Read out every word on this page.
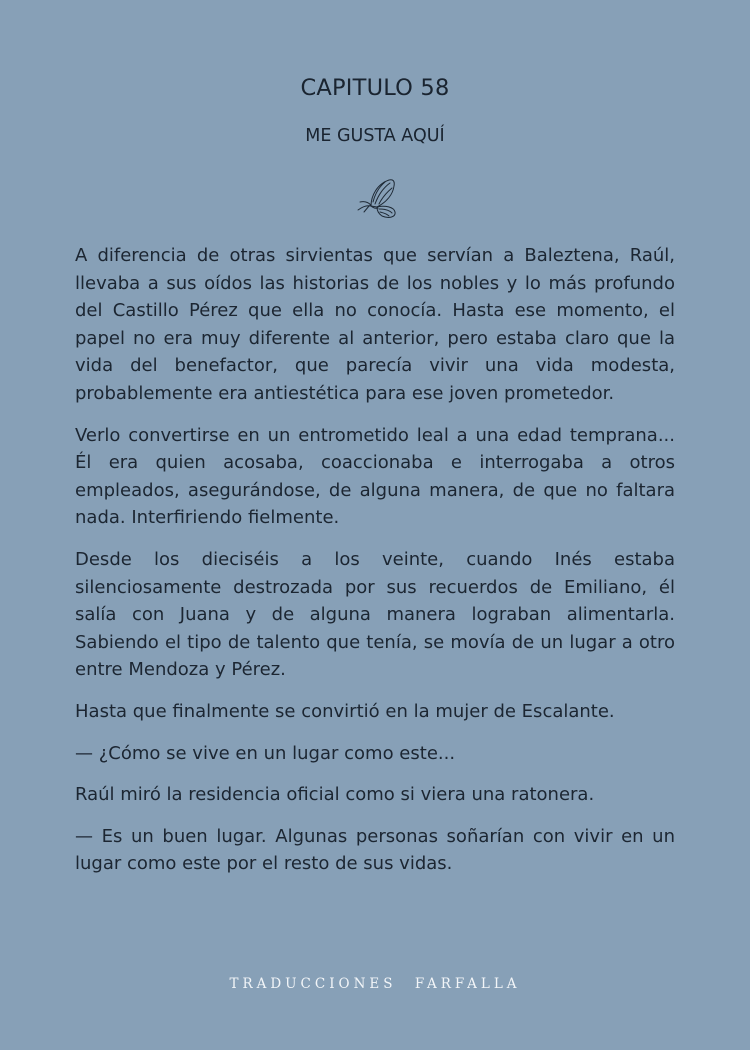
CAPITULO 58
ME GUSTA AQUÍ

A diferencia de otras sirvientas que servían a Baleztena, Raúl, llevaba a sus oídos las historias de los nobles y lo más profundo del Castillo Pérez que ella no conocía. Hasta ese momento, el papel no era muy diferente al anterior, pero estaba claro que la vida del benefactor, que parecía vivir una vida modesta, probablemente era antiestética para ese joven prometedor.

Verlo convertirse en un entrometido leal a una edad temprana... Él era quien acosaba, coaccionaba e interrogaba a otros empleados, asegurándose, de alguna manera, de que no faltara nada. Interfiriendo fielmente.

Desde los dieciséis a los veinte, cuando Inés estaba silenciosamente destrozada por sus recuerdos de Emiliano, él salía con Juana y de alguna manera lograban alimentarla. Sabiendo el tipo de talento que tenía, se movía de un lugar a otro entre Mendoza y Pérez.

Hasta que finalmente se convirtió en la mujer de Escalante.

— ¿Cómo se vive en un lugar como este...

Raúl miró la residencia oficial como si viera una ratonera.

— Es un buen lugar. Algunas personas soñarían con vivir en un lugar como este por el resto de sus vidas.

TRADUCCIONES FARFALLA
